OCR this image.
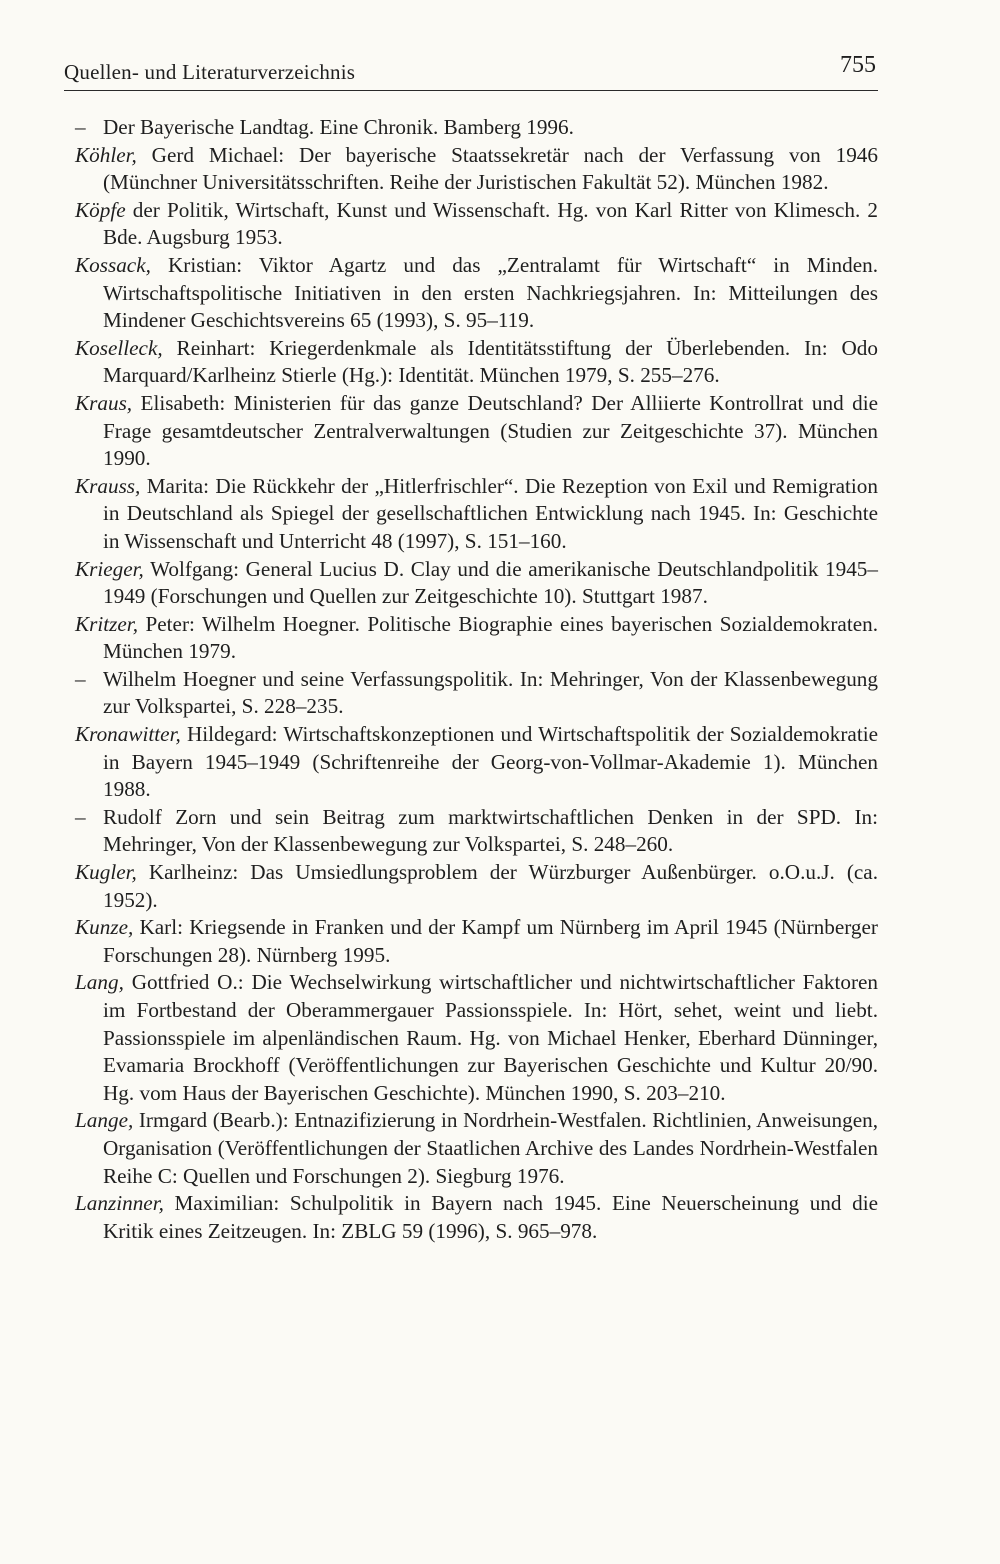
Quellen- und Literaturverzeichnis	755

– Der Bayerische Landtag. Eine Chronik. Bamberg 1996.

Köhler, Gerd Michael: Der bayerische Staatssekretär nach der Verfassung von 1946 (Münchner Universitätsschriften. Reihe der Juristischen Fakultät 52). München 1982.

Köpfe der Politik, Wirtschaft, Kunst und Wissenschaft. Hg. von Karl Ritter von Klimesch. 2 Bde. Augsburg 1953.

Kossack, Kristian: Viktor Agartz und das „Zentralamt für Wirtschaft“ in Minden. Wirtschaftspolitische Initiativen in den ersten Nachkriegsjahren. In: Mitteilungen des Mindener Geschichtsvereins 65 (1993), S. 95–119.

Koselleck, Reinhart: Kriegerdenkmale als Identitätsstiftung der Überlebenden. In: Odo Marquard/Karlheinz Stierle (Hg.): Identität. München 1979, S. 255–276.

Kraus, Elisabeth: Ministerien für das ganze Deutschland? Der Alliierte Kontrollrat und die Frage gesamtdeutscher Zentralverwaltungen (Studien zur Zeitgeschichte 37). München 1990.

Krauss, Marita: Die Rückkehr der „Hitlerfrischler“. Die Rezeption von Exil und Remigration in Deutschland als Spiegel der gesellschaftlichen Entwicklung nach 1945. In: Geschichte in Wissenschaft und Unterricht 48 (1997), S. 151–160.

Krieger, Wolfgang: General Lucius D. Clay und die amerikanische Deutschlandpolitik 1945–1949 (Forschungen und Quellen zur Zeitgeschichte 10). Stuttgart 1987.

Kritzer, Peter: Wilhelm Hoegner. Politische Biographie eines bayerischen Sozialdemokraten. München 1979.

– Wilhelm Hoegner und seine Verfassungspolitik. In: Mehringer, Von der Klassenbewegung zur Volkspartei, S. 228–235.

Kronawitter, Hildegard: Wirtschaftskonzeptionen und Wirtschaftspolitik der Sozialdemokratie in Bayern 1945–1949 (Schriftenreihe der Georg-von-Vollmar-Akademie 1). München 1988.

– Rudolf Zorn und sein Beitrag zum marktwirtschaftlichen Denken in der SPD. In: Mehringer, Von der Klassenbewegung zur Volkspartei, S. 248–260.

Kugler, Karlheinz: Das Umsiedlungsproblem der Würzburger Außenbürger. o.O.u.J. (ca. 1952).

Kunze, Karl: Kriegsende in Franken und der Kampf um Nürnberg im April 1945 (Nürnberger Forschungen 28). Nürnberg 1995.

Lang, Gottfried O.: Die Wechselwirkung wirtschaftlicher und nichtwirtschaftlicher Faktoren im Fortbestand der Oberammergauer Passionsspiele. In: Hört, sehet, weint und liebt. Passionsspiele im alpenländischen Raum. Hg. von Michael Henker, Eberhard Dünninger, Evamaria Brockhoff (Veröffentlichungen zur Bayerischen Geschichte und Kultur 20/90. Hg. vom Haus der Bayerischen Geschichte). München 1990, S. 203–210.

Lange, Irmgard (Bearb.): Entnazifizierung in Nordrhein-Westfalen. Richtlinien, Anweisungen, Organisation (Veröffentlichungen der Staatlichen Archive des Landes Nordrhein-Westfalen Reihe C: Quellen und Forschungen 2). Siegburg 1976.

Lanzinner, Maximilian: Schulpolitik in Bayern nach 1945. Eine Neuerscheinung und die Kritik eines Zeitzeugen. In: ZBLG 59 (1996), S. 965–978.
